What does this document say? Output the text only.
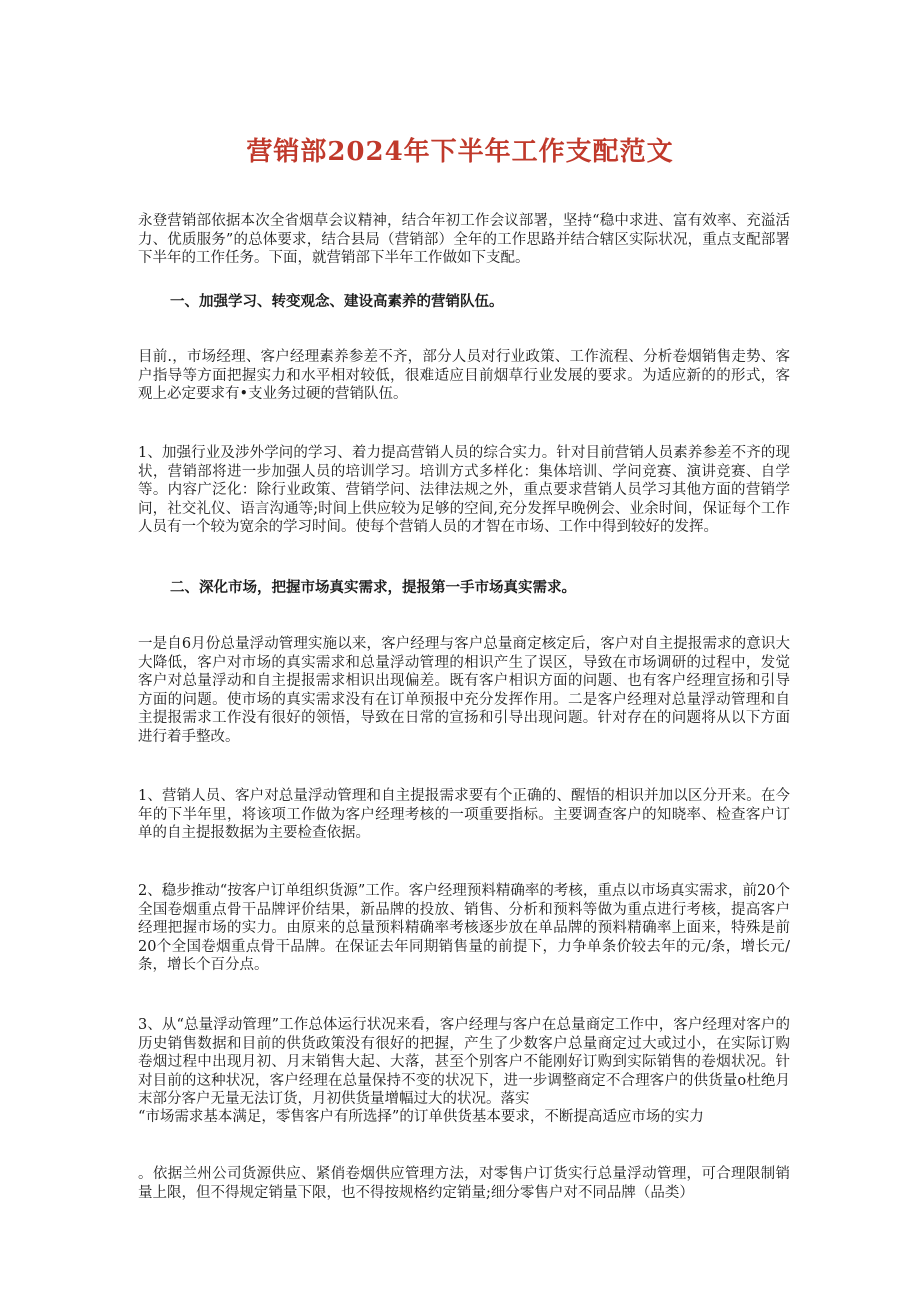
营销部2024年下半年工作支配范文

永登营销部依据本次全省烟草会议精神，结合年初工作会议部署，坚持“稳中求进、富有效率、充溢活力、优质服务”的总体要求，结合县局（营销部）全年的工作思路并结合辖区实际状况，重点支配部署下半年的工作任务。下面，就营销部下半年工作做如下支配。

一、加强学习、转变观念、建设高素养的营销队伍。

目前.，市场经理、客户经理素养参差不齐，部分人员对行业政策、工作流程、分析卷烟销售走势、客户指导等方面把握实力和水平相对较低，很难适应目前烟草行业发展的要求。为适应新的的形式，客观上必定要求有•支业务过硬的营销队伍。

1、加强行业及涉外学问的学习、着力提高营销人员的综合实力。针对目前营销人员素养参差不齐的现状，营销部将进一步加强人员的培训学习。培训方式多样化：集体培训、学问竞赛、演讲竞赛、自学等。内容广泛化：除行业政策、营销学问、法律法规之外，重点要求营销人员学习其他方面的营销学问，社交礼仪、语言沟通等;时间上供应较为足够的空间,充分发挥早晚例会、业余时间，保证每个工作人员有一个较为宽余的学习时间。使每个营销人员的才智在市场、工作中得到较好的发挥。

二、深化市场，把握市场真实需求，提报第一手市场真实需求。

一是自6月份总量浮动管理实施以来，客户经理与客户总量商定核定后，客户对自主提报需求的意识大大降低，客户对市场的真实需求和总量浮动管理的相识产生了误区，导致在市场调研的过程中，发觉客户对总量浮动和自主提报需求相识出现偏差。既有客户相识方面的问题、也有客户经理宣扬和引导方面的问题。使市场的真实需求没有在订单预报中充分发挥作用。二是客户经理对总量浮动管理和自主提报需求工作没有很好的领悟，导致在日常的宣扬和引导出现问题。针对存在的问题将从以下方面进行着手整改。

1、营销人员、客户对总量浮动管理和自主提报需求要有个正确的、醒悟的相识并加以区分开来。在今年的下半年里，将该项工作做为客户经理考核的一项重要指标。主要调查客户的知晓率、检查客户订单的自主提报数据为主要检查依据。

2、稳步推动“按客户订单组织货源”工作。客户经理预料精确率的考核，重点以市场真实需求，前20个全国卷烟重点骨干品牌评价结果，新品牌的投放、销售、分析和预料等做为重点进行考核，提高客户经理把握市场的实力。由原来的总量预料精确率考核逐步放在单品牌的预料精确率上面来，特殊是前20个全国卷烟重点骨干品牌。在保证去年同期销售量的前提下，力争单条价较去年的元/条，增长元/条，增长个百分点。

3、从“总量浮动管理”工作总体运行状况来看，客户经理与客户在总量商定工作中，客户经理对客户的历史销售数据和目前的供货政策没有很好的把握，产生了少数客户总量商定过大或过小，在实际订购卷烟过程中出现月初、月末销售大起、大落，甚至个别客户不能刚好订购到实际销售的卷烟状况。针对目前的这种状况，客户经理在总量保持不变的状况下，进一步调整商定不合理客户的供货量o杜绝月末部分客户无量无法订货，月初供货量增幅过大的状况。落实

“市场需求基本满足，零售客户有所选择”的订单供货基本要求，不断提高适应市场的实力

。依据兰州公司货源供应、紧俏卷烟供应管理方法，对零售户订货实行总量浮动管理，可合理限制销量上限，但不得规定销量下限，也不得按规格约定销量;细分零售户对不同品牌（品类）
